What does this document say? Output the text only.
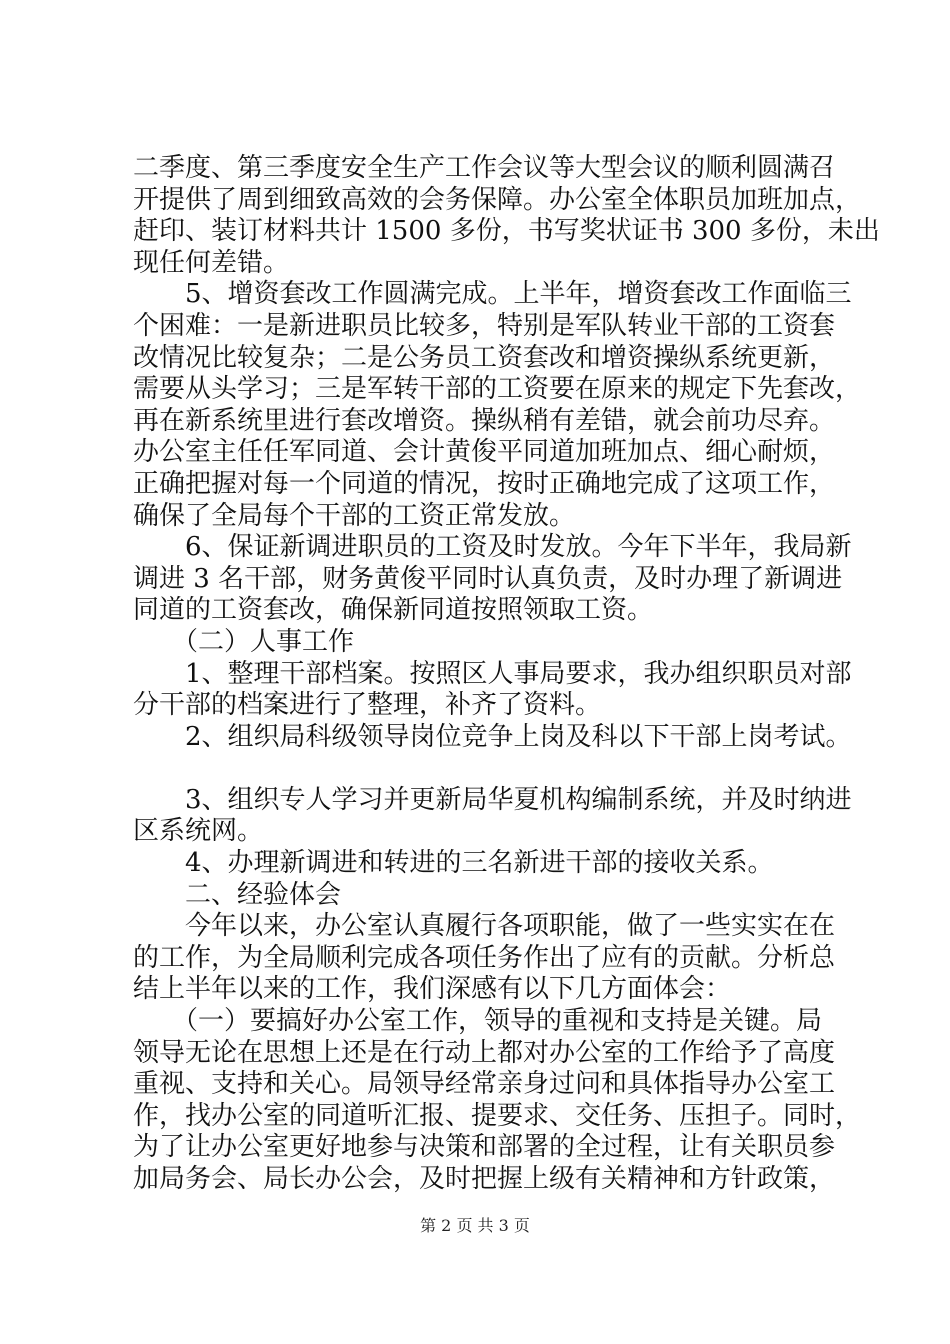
二季度、第三季度安全生产工作会议等大型会议的顺利圆满召
开提供了周到细致高效的会务保障。办公室全体职员加班加点，
赶印、装订材料共计 1500 多份，书写奖状证书 300 多份，未出
现任何差错。
　　5、增资套改工作圆满完成。上半年，增资套改工作面临三
个困难：一是新进职员比较多，特别是军队转业干部的工资套
改情况比较复杂；二是公务员工资套改和增资操纵系统更新，
需要从头学习；三是军转干部的工资要在原来的规定下先套改，
再在新系统里进行套改增资。操纵稍有差错，就会前功尽弃。
办公室主任任军同道、会计黄俊平同道加班加点、细心耐烦，
正确把握对每一个同道的情况，按时正确地完成了这项工作，
确保了全局每个干部的工资正常发放。
　　6、保证新调进职员的工资及时发放。今年下半年，我局新
调进 3 名干部，财务黄俊平同时认真负责，及时办理了新调进
同道的工资套改，确保新同道按照领取工资。
　　（二）人事工作
　　1、整理干部档案。按照区人事局要求，我办组织职员对部
分干部的档案进行了整理，补齐了资料。
　　2、组织局科级领导岗位竞争上岗及科以下干部上岗考试。
　　3、组织专人学习并更新局华夏机构编制系统，并及时纳进
区系统网。
　　4、办理新调进和转进的三名新进干部的接收关系。
　　二、经验体会
　　今年以来，办公室认真履行各项职能，做了一些实实在在
的工作，为全局顺利完成各项任务作出了应有的贡献。分析总
结上半年以来的工作，我们深感有以下几方面体会：
　　（一）要搞好办公室工作，领导的重视和支持是关键。局
领导无论在思想上还是在行动上都对办公室的工作给予了高度
重视、支持和关心。局领导经常亲身过问和具体指导办公室工
作，找办公室的同道听汇报、提要求、交任务、压担子。同时，
为了让办公室更好地参与决策和部署的全过程，让有关职员参
加局务会、局长办公会，及时把握上级有关精神和方针政策，
第 2 页 共 3 页
